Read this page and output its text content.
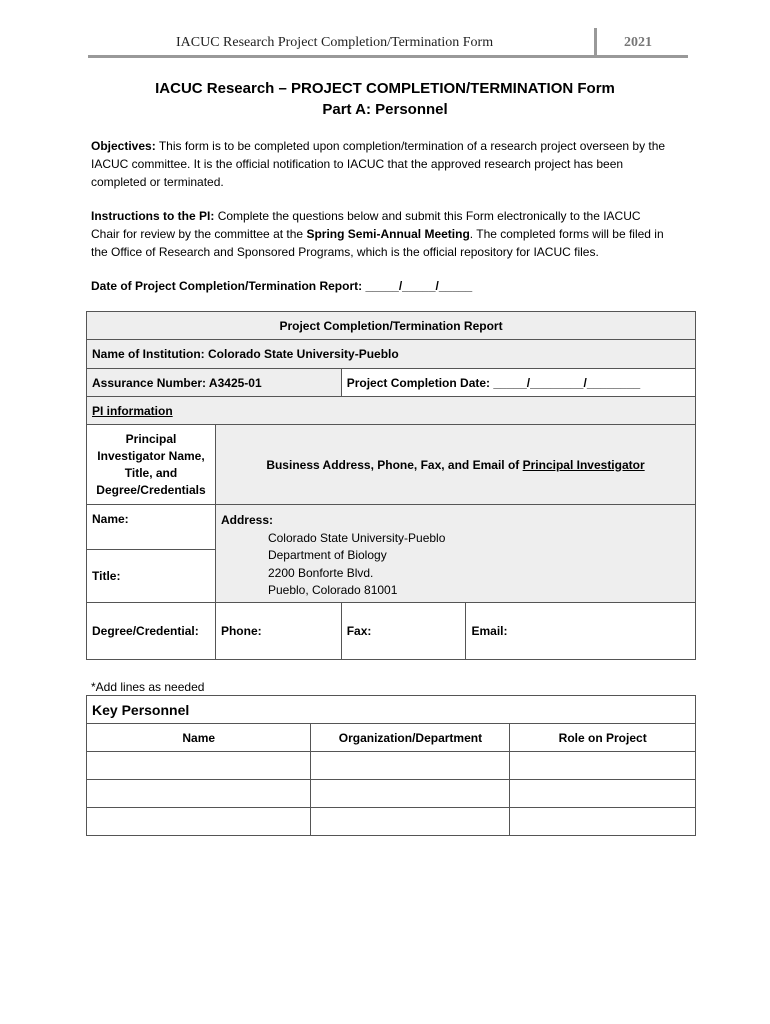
IACUC Research Project Completion/Termination Form	2021
IACUC Research – PROJECT COMPLETION/TERMINATION Form
Part A: Personnel
Objectives: This form is to be completed upon completion/termination of a research project overseen by the IACUC committee. It is the official notification to IACUC that the approved research project has been completed or terminated.
Instructions to the PI: Complete the questions below and submit this Form electronically to the IACUC Chair for review by the committee at the Spring Semi-Annual Meeting. The completed forms will be filed in the Office of Research and Sponsored Programs, which is the official repository for IACUC files.
Date of Project Completion/Termination Report: _____/_____/_____
Project Completion/Termination Report			
Name of Institution: Colorado State University-Pueblo			
Assurance Number: A3425-01		Project Completion Date: _____/________/________	
PI information			
Principal Investigator Name, Title, and Degree/Credentials	Business Address, Phone, Fax, and Email of Principal Investigator		
Name:	Address:
Colorado State University-Pueblo
Department of Biology
2200 Bonforte Blvd.
Pueblo, Colorado 81001		

Title:			
Degree/Credential:	Phone:	Fax:	Email:
*Add lines as needed
Key Personnel		
Name	Organization/Department	Role on Project
